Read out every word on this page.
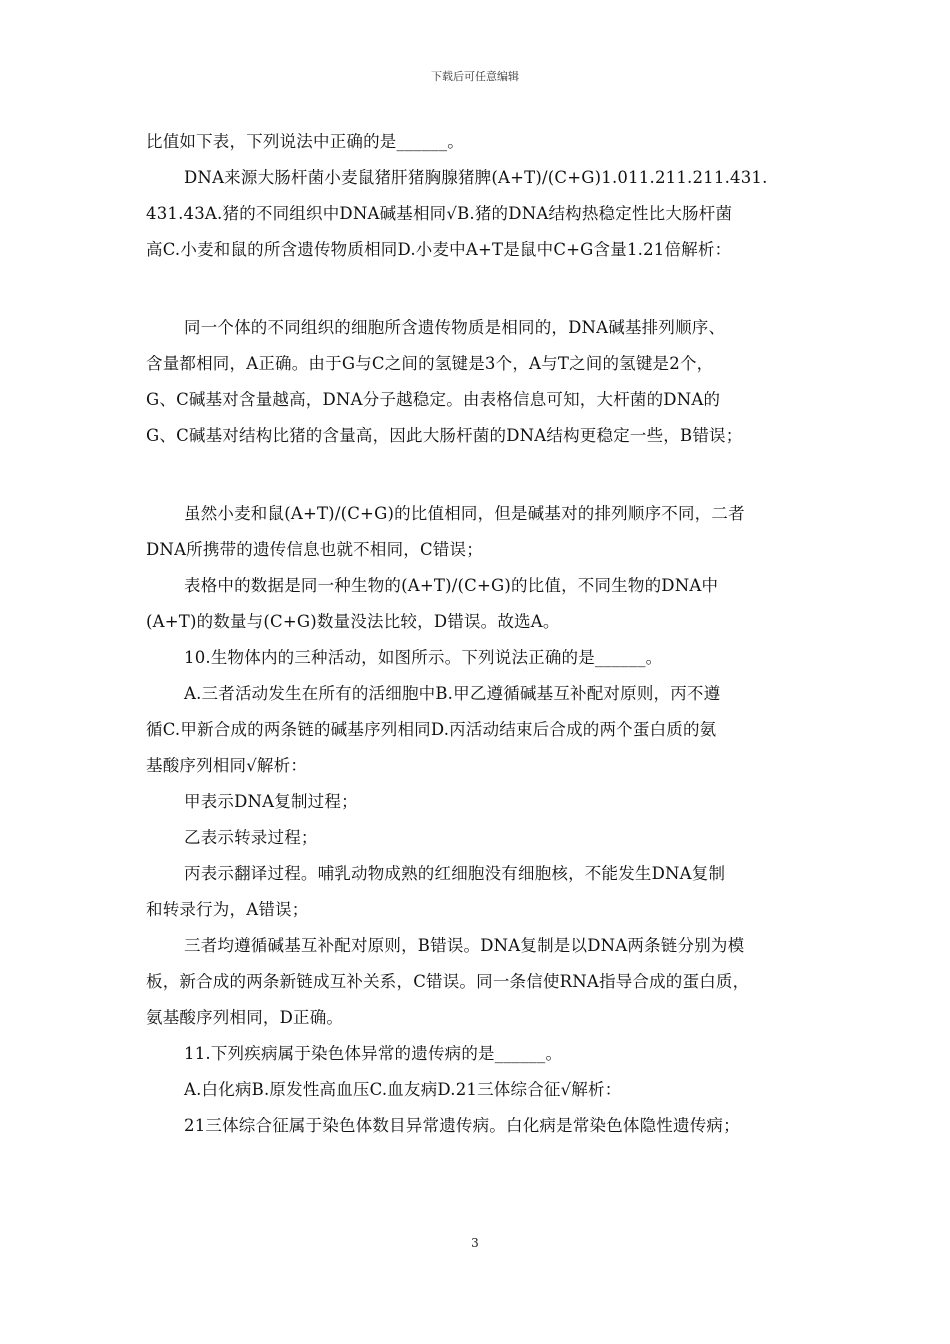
下载后可任意编辑
比值如下表，下列说法中正确的是______。
DNA来源大肠杆菌小麦鼠猪肝猪胸腺猪脾(A+T)/(C+G)1.011.211.211.431.
431.43A.猪的不同组织中DNA碱基相同√B.猪的DNA结构热稳定性比大肠杆菌
高C.小麦和鼠的所含遗传物质相同D.小麦中A+T是鼠中C+G含量1.21倍解析：
同一个体的不同组织的细胞所含遗传物质是相同的，DNA碱基排列顺序、
含量都相同，A正确。由于G与C之间的氢键是3个，A与T之间的氢键是2个，
G、C碱基对含量越高，DNA分子越稳定。由表格信息可知，大杆菌的DNA的
G、C碱基对结构比猪的含量高，因此大肠杆菌的DNA结构更稳定一些，B错误；
虽然小麦和鼠(A+T)/(C+G)的比值相同，但是碱基对的排列顺序不同，二者
DNA所携带的遗传信息也就不相同，C错误；
表格中的数据是同一种生物的(A+T)/(C+G)的比值，不同生物的DNA中
(A+T)的数量与(C+G)数量没法比较，D错误。故选A。
10.生物体内的三种活动，如图所示。下列说法正确的是______。
A.三者活动发生在所有的活细胞中B.甲乙遵循碱基互补配对原则，丙不遵
循C.甲新合成的两条链的碱基序列相同D.丙活动结束后合成的两个蛋白质的氨
基酸序列相同√解析：
甲表示DNA复制过程；
乙表示转录过程；
丙表示翻译过程。哺乳动物成熟的红细胞没有细胞核，不能发生DNA复制
和转录行为，A错误；
三者均遵循碱基互补配对原则，B错误。DNA复制是以DNA两条链分别为模
板，新合成的两条新链成互补关系，C错误。同一条信使RNA指导合成的蛋白质，
氨基酸序列相同，D正确。
11.下列疾病属于染色体异常的遗传病的是______。
A.白化病B.原发性高血压C.血友病D.21三体综合征√解析：
21三体综合征属于染色体数目异常遗传病。白化病是常染色体隐性遗传病；
3
